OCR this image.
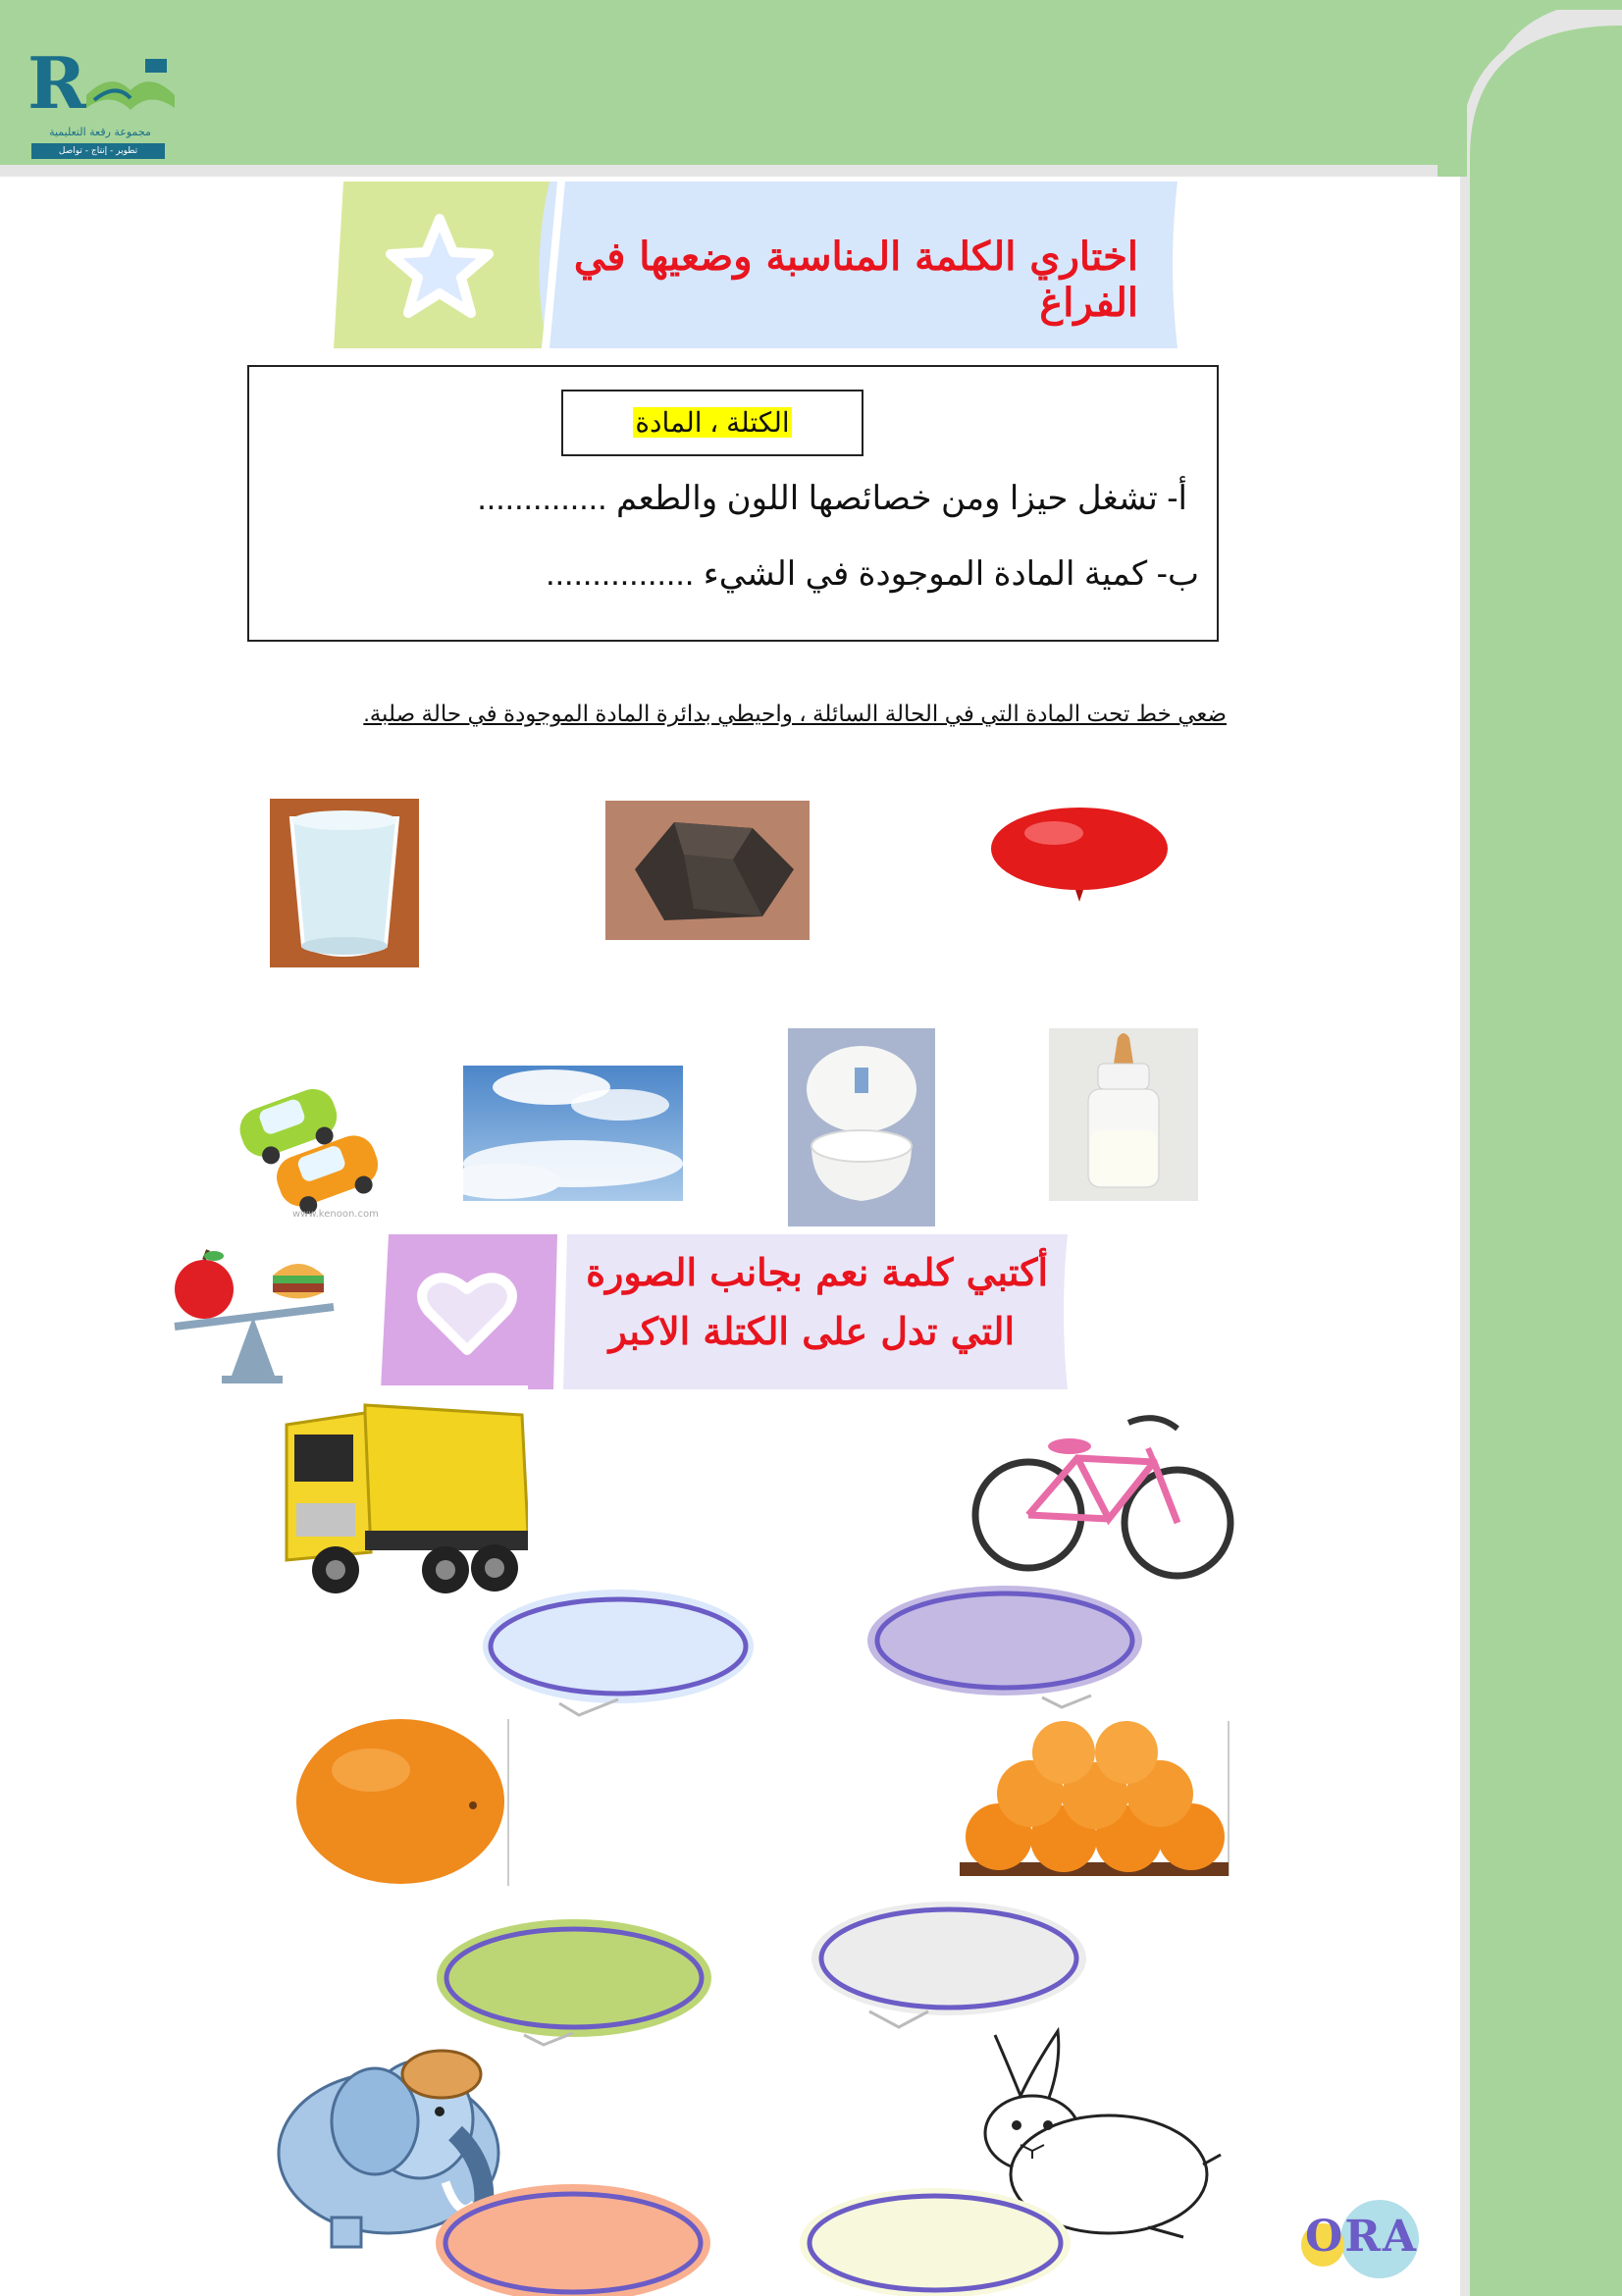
R
مجموعة رقعة التعليمية
تطوير - إنتاج - تواصل
اختاري الكلمة المناسبة وضعيها في الفراغ
الكتلة ، المادة
أ- تشغل حيزا ومن خصائصها اللون والطعم ..............
ب- كمية المادة الموجودة في الشيء ................
ضعي خط تحت المادة التي في الحالة السائلة ، واحيطي بدائرة المادة الموجودة في حالة صلبة.
www.kenoon.com
أكتبي كلمة نعم بجانب الصورة
التي تدل على الكتلة الاكبر
ORA
